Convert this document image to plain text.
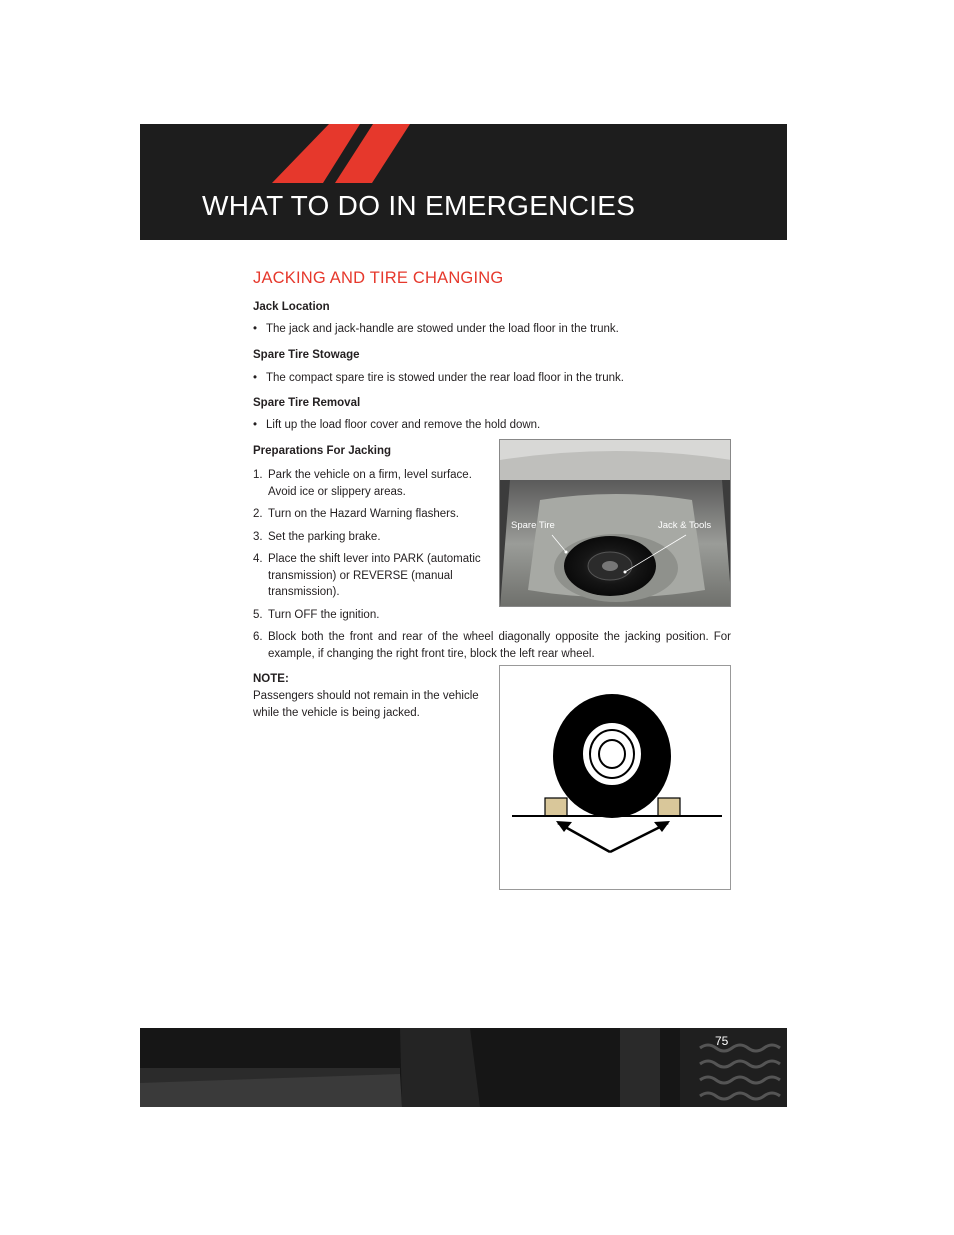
WHAT TO DO IN EMERGENCIES
JACKING AND TIRE CHANGING
Jack Location
• The jack and jack-handle are stowed under the load floor in the trunk.
Spare Tire Stowage
• The compact spare tire is stowed under the rear load floor in the trunk.
Spare Tire Removal
• Lift up the load floor cover and remove the hold down.
Preparations For Jacking
1. Park the vehicle on a firm, level surface. Avoid ice or slippery areas.
2. Turn on the Hazard Warning flashers.
3. Set the parking brake.
4. Place the shift lever into PARK (automatic transmission) or REVERSE (manual transmission).
5. Turn OFF the ignition.
6. Block both the front and rear of the wheel diagonally opposite the jacking position. For example, if changing the right front tire, block the left rear wheel.
NOTE:
Passengers should not remain in the vehicle while the vehicle is being jacked.
Spare Tire	Jack & Tools
75
